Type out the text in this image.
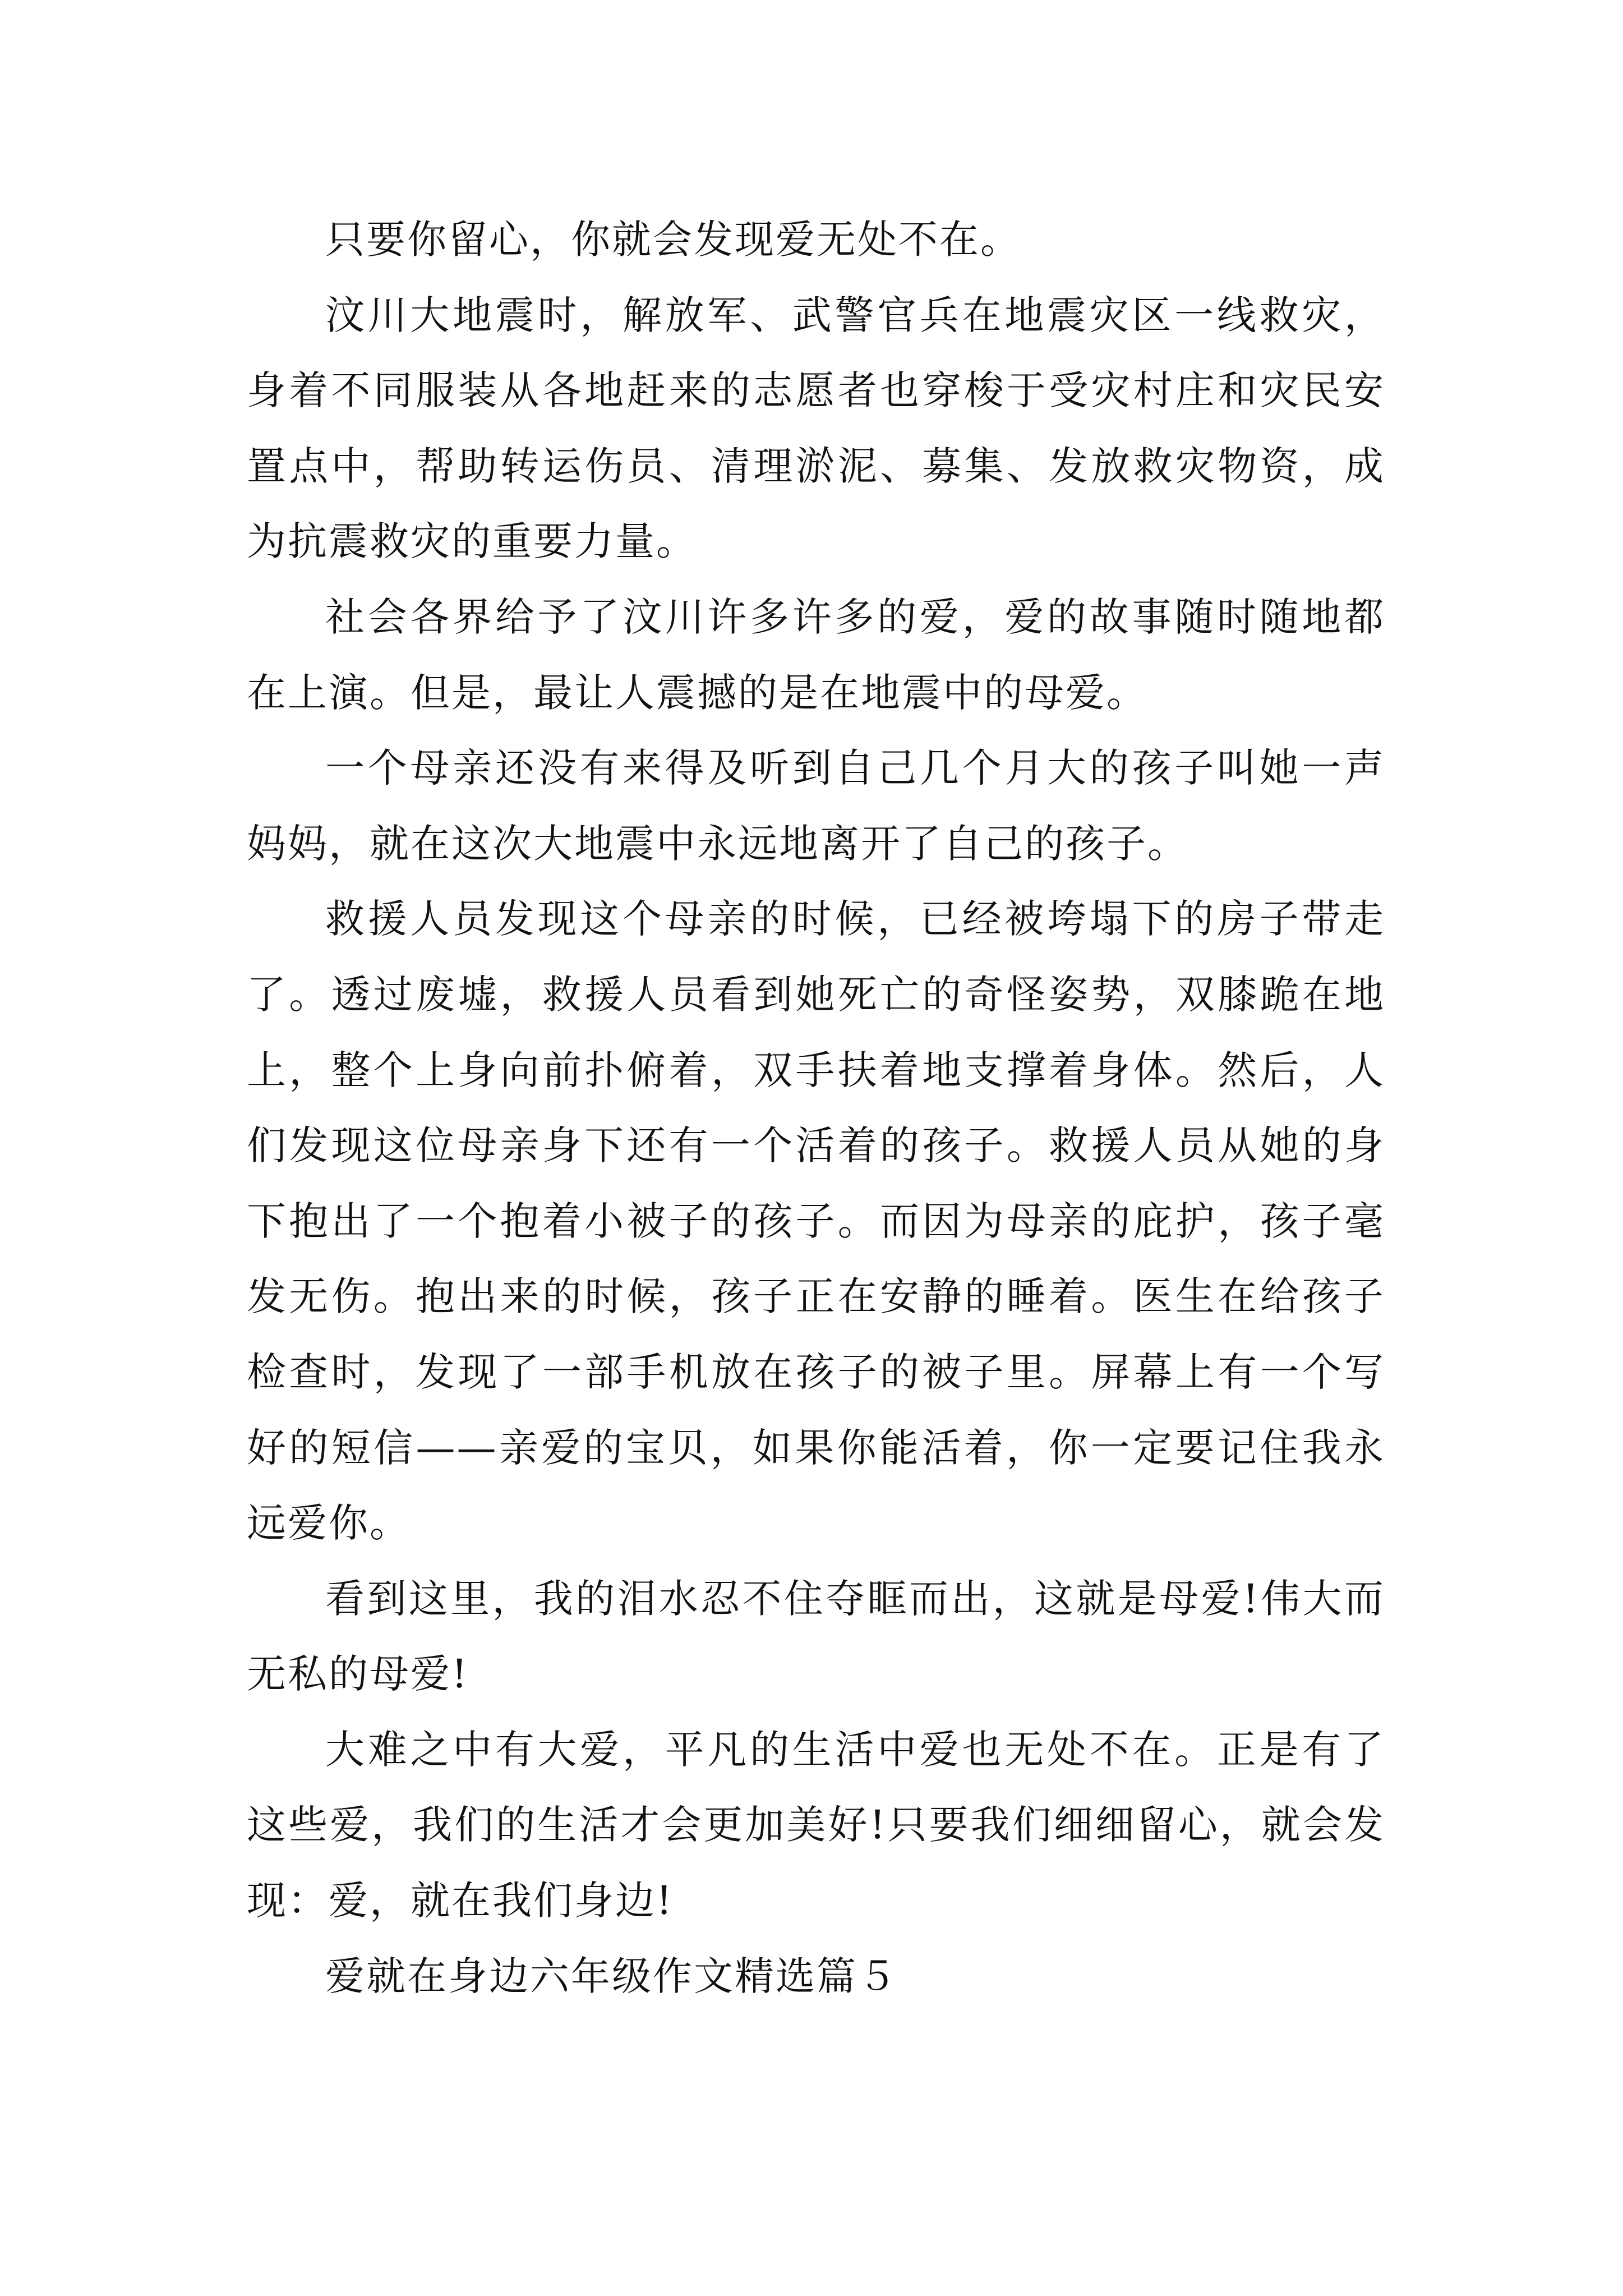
只要你留心，你就会发现爱无处不在。

汶川大地震时，解放军、武警官兵在地震灾区一线救灾，身着不同服装从各地赶来的志愿者也穿梭于受灾村庄和灾民安置点中，帮助转运伤员、清理淤泥、募集、发放救灾物资，成为抗震救灾的重要力量。

社会各界给予了汶川许多许多的爱，爱的故事随时随地都在上演。但是，最让人震撼的是在地震中的母爱。

一个母亲还没有来得及听到自己几个月大的孩子叫她一声妈妈，就在这次大地震中永远地离开了自己的孩子。

救援人员发现这个母亲的时候，已经被垮塌下的房子带走了。透过废墟，救援人员看到她死亡的奇怪姿势，双膝跪在地上，整个上身向前扑俯着，双手扶着地支撑着身体。然后，人们发现这位母亲身下还有一个活着的孩子。救援人员从她的身下抱出了一个抱着小被子的孩子。而因为母亲的庇护，孩子毫发无伤。抱出来的时候，孩子正在安静的睡着。医生在给孩子检查时，发现了一部手机放在孩子的被子里。屏幕上有一个写好的短信——亲爱的宝贝，如果你能活着，你一定要记住我永远爱你。

看到这里，我的泪水忍不住夺眶而出，这就是母爱!伟大而无私的母爱!

大难之中有大爱，平凡的生活中爱也无处不在。正是有了这些爱，我们的生活才会更加美好!只要我们细细留心，就会发现：爱，就在我们身边!

爱就在身边六年级作文精选篇５
